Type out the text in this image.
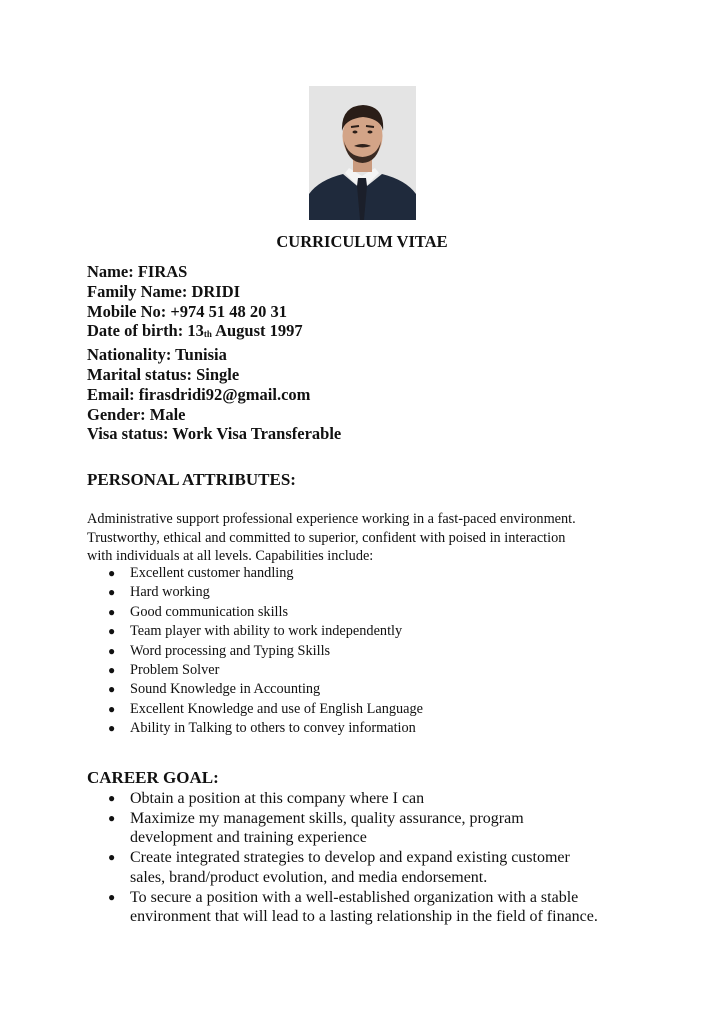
CURRICULUM VITAE
Name: FIRAS
Family Name: DRIDI
Mobile No: +974 51 48 20 31
Date of birth: $13_{th}$ August 1997
Nationality: Tunisia
Marital status: Single
Email: firasdridi92@gmail.com
Gender: Male
Visa status: Work Visa Transferable
PERSONAL ATTRIBUTES:
Administrative support professional experience working in a fast-paced environment.
Trustworthy, ethical and committed to superior, confident with poised in interaction
with individuals at all levels. Capabilities include:
● Excellent customer handling
● Hard working
● Good communication skills
● Team player with ability to work independently
● Word processing and Typing Skills
● Problem Solver
● Sound Knowledge in Accounting
● Excellent Knowledge and use of English Language
● Ability in Talking to others to convey information
CAREER GOAL:
● Obtain a position at this company where I can
● Maximize my management skills, quality assurance, program
development and training experience
● Create integrated strategies to develop and expand existing customer
sales, brand/product evolution, and media endorsement.
● To secure a position with a well-established organization with a stable
environment that will lead to a lasting relationship in the field of finance.
